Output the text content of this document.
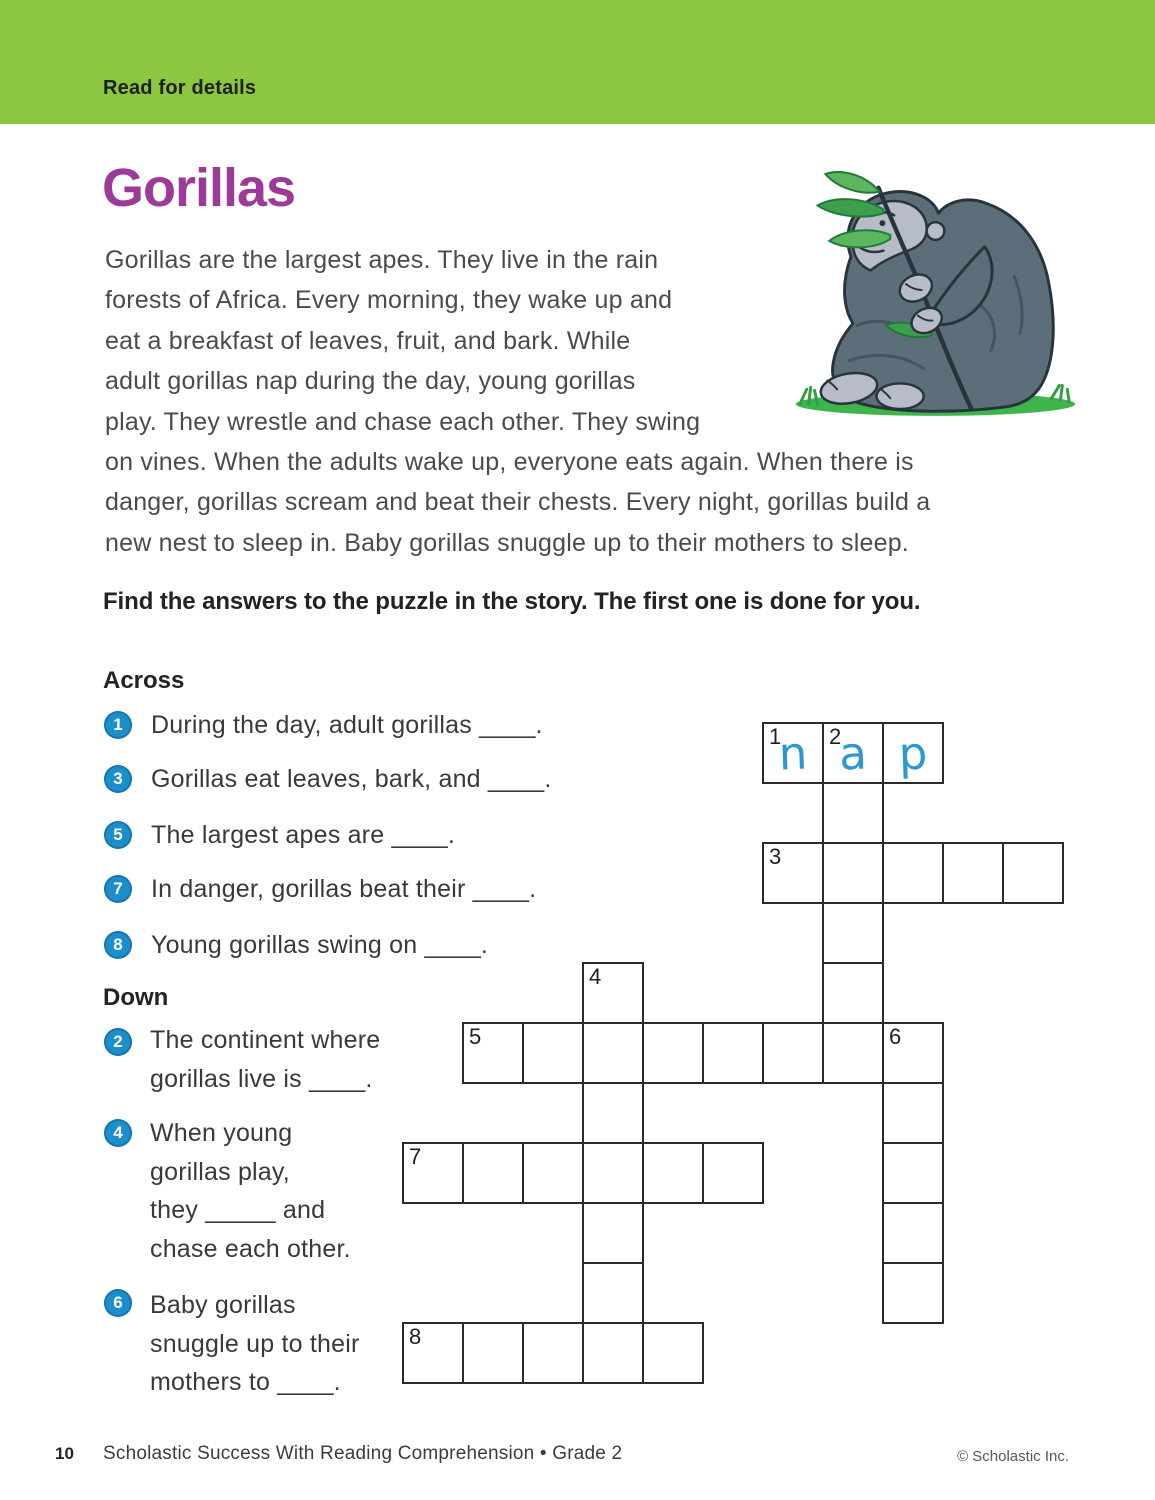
Read for details
Gorillas
Gorillas are the largest apes. They live in the rain
forests of Africa. Every morning, they wake up and
eat a breakfast of leaves, fruit, and bark. While
adult gorillas nap during the day, young gorillas
play. They wrestle and chase each other. They swing
on vines. When the adults wake up, everyone eats again. When there is
danger, gorillas scream and beat their chests. Every night, gorillas build a
new nest to sleep in. Baby gorillas snuggle up to their mothers to sleep.
Find the answers to the puzzle in the story. The first one is done for you.
Across
1	During the day, adult gorillas ____.
3	Gorillas eat leaves, bark, and ____.
5	The largest apes are ____.
7	In danger, gorillas beat their ____.
8	Young gorillas swing on ____.
Down
2	The continent where
gorillas live is ____.
4	When young
gorillas play,
they _____ and
chase each other.
6	Baby gorillas
snuggle up to their
mothers to ____.
1
n 2
a p
3
4
5	6
7
8
10 Scholastic Success With Reading Comprehension • Grade 2	© Scholastic Inc.
